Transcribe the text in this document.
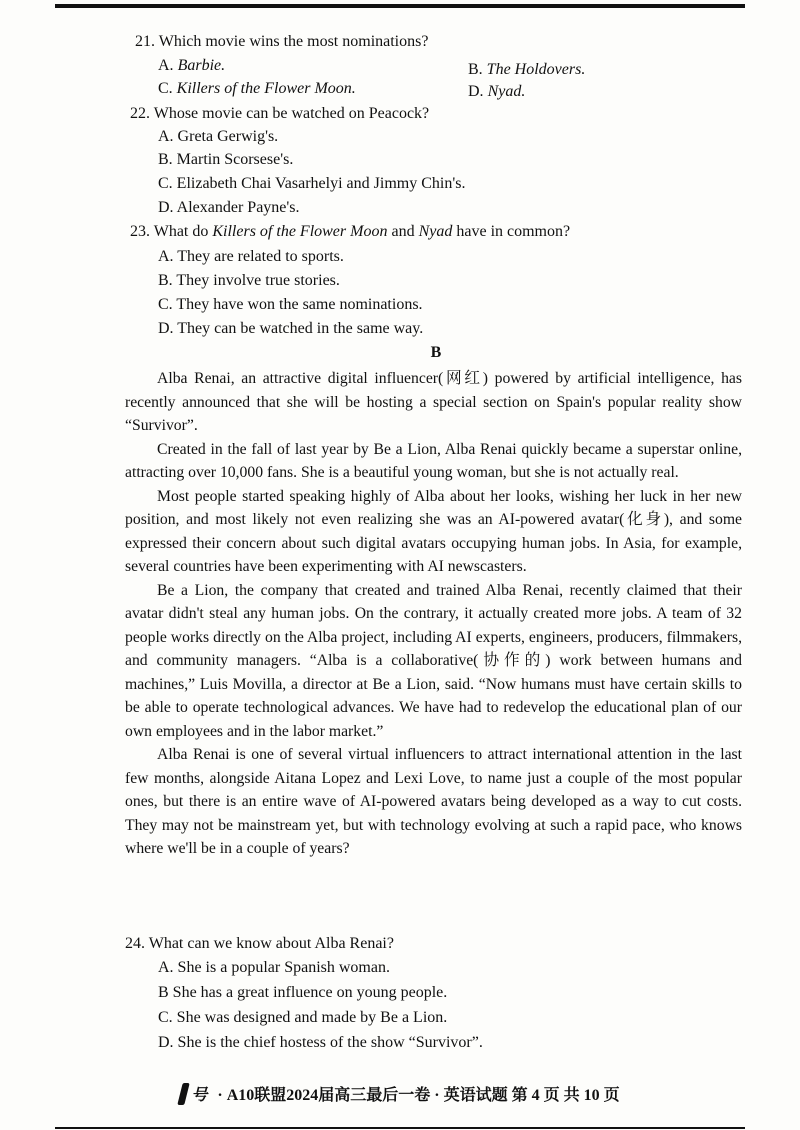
21. Which movie wins the most nominations?
A. Barbie.	B. The Holdovers.
C. Killers of the Flower Moon.	D. Nyad.
22. Whose movie can be watched on Peacock?
A. Greta Gerwig's.
B. Martin Scorsese's.
C. Elizabeth Chai Vasarhelyi and Jimmy Chin's.
D. Alexander Payne's.
23. What do Killers of the Flower Moon and Nyad have in common?
A. They are related to sports.
B. They involve true stories.
C. They have won the same nominations.
D. They can be watched in the same way.
B

Alba Renai, an attractive digital influencer(网红) powered by artificial intelligence, has recently announced that she will be hosting a special section on Spain's popular reality show “Survivor”.

Created in the fall of last year by Be a Lion, Alba Renai quickly became a superstar online, attracting over 10,000 fans. She is a beautiful young woman, but she is not actually real.

Most people started speaking highly of Alba about her looks, wishing her luck in her new position, and most likely not even realizing she was an AI-powered avatar(化身), and some expressed their concern about such digital avatars occupying human jobs. In Asia, for example, several countries have been experimenting with AI newscasters.

Be a Lion, the company that created and trained Alba Renai, recently claimed that their avatar didn't steal any human jobs. On the contrary, it actually created more jobs. A team of 32 people works directly on the Alba project, including AI experts, engineers, producers, filmmakers, and community managers. “Alba is a collaborative(协作的) work between humans and machines,” Luis Movilla, a director at Be a Lion, said. “Now humans must have certain skills to be able to operate technological advances. We have had to redevelop the educational plan of our own employees and in the labor market.”

Alba Renai is one of several virtual influencers to attract international attention in the last few months, alongside Aitana Lopez and Lexi Love, to name just a couple of the most popular ones, but there is an entire wave of AI-powered avatars being developed as a way to cut costs. They may not be mainstream yet, but with technology evolving at such a rapid pace, who knows where we'll be in a couple of years?

24. What can we know about Alba Renai?
A. She is a popular Spanish woman.
B She has a great influence on young people.
C. She was designed and made by Be a Lion.
D. She is the chief hostess of the show “Survivor”.
号 · A10联盟2024届高三最后一卷 · 英语试题 第 4 页 共 10 页
